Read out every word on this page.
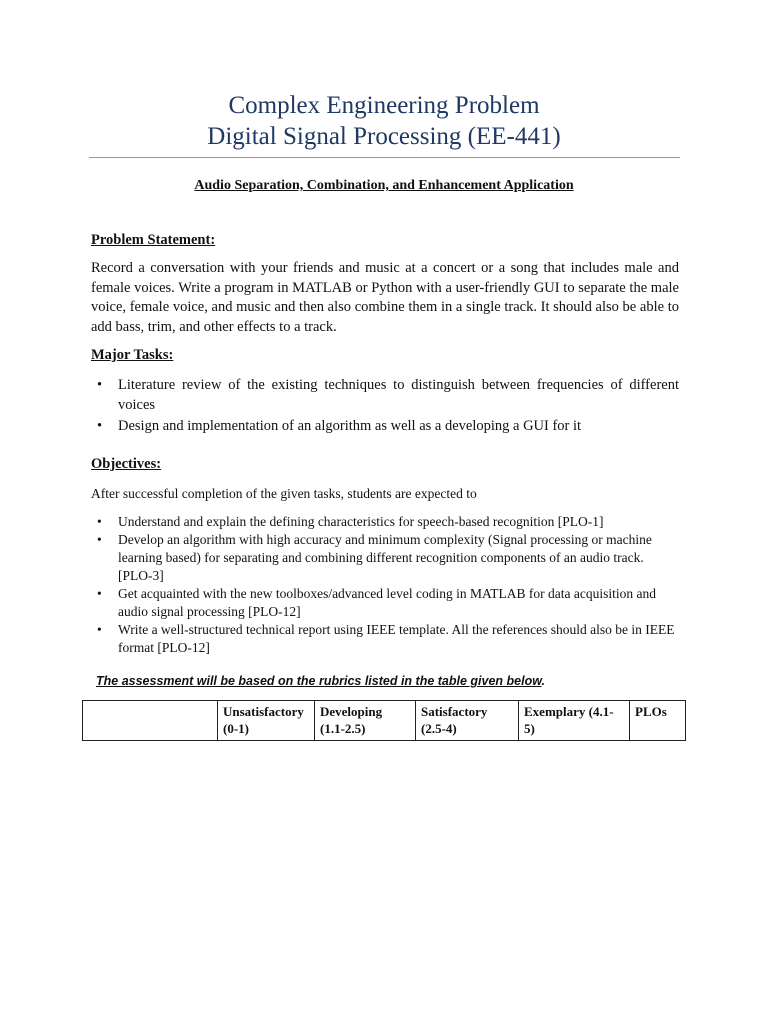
Complex Engineering Problem
Digital Signal Processing (EE-441)
Audio Separation, Combination, and Enhancement Application
Problem Statement:
Record a conversation with your friends and music at a concert or a song that includes male and female voices. Write a program in MATLAB or Python with a user-friendly GUI to separate the male voice, female voice, and music and then also combine them in a single track. It should also be able to add bass, trim, and other effects to a track.
Major Tasks:
• Literature review of the existing techniques to distinguish between frequencies of different voices
• Design and implementation of an algorithm as well as a developing a GUI for it
Objectives:
After successful completion of the given tasks, students are expected to
• Understand and explain the defining characteristics for speech-based recognition [PLO-1]
• Develop an algorithm with high accuracy and minimum complexity (Signal processing or machine learning based) for separating and combining different recognition components of an audio track. [PLO-3]
• Get acquainted with the new toolboxes/advanced level coding in MATLAB for data acquisition and audio signal processing [PLO-12]
• Write a well-structured technical report using IEEE template. All the references should also be in IEEE format [PLO-12]
The assessment will be based on the rubrics listed in the table given below.
	Unsatisfactory (0-1)	Developing (1.1-2.5)	Satisfactory (2.5-4)	Exemplary (4.1-5)	PLOs
